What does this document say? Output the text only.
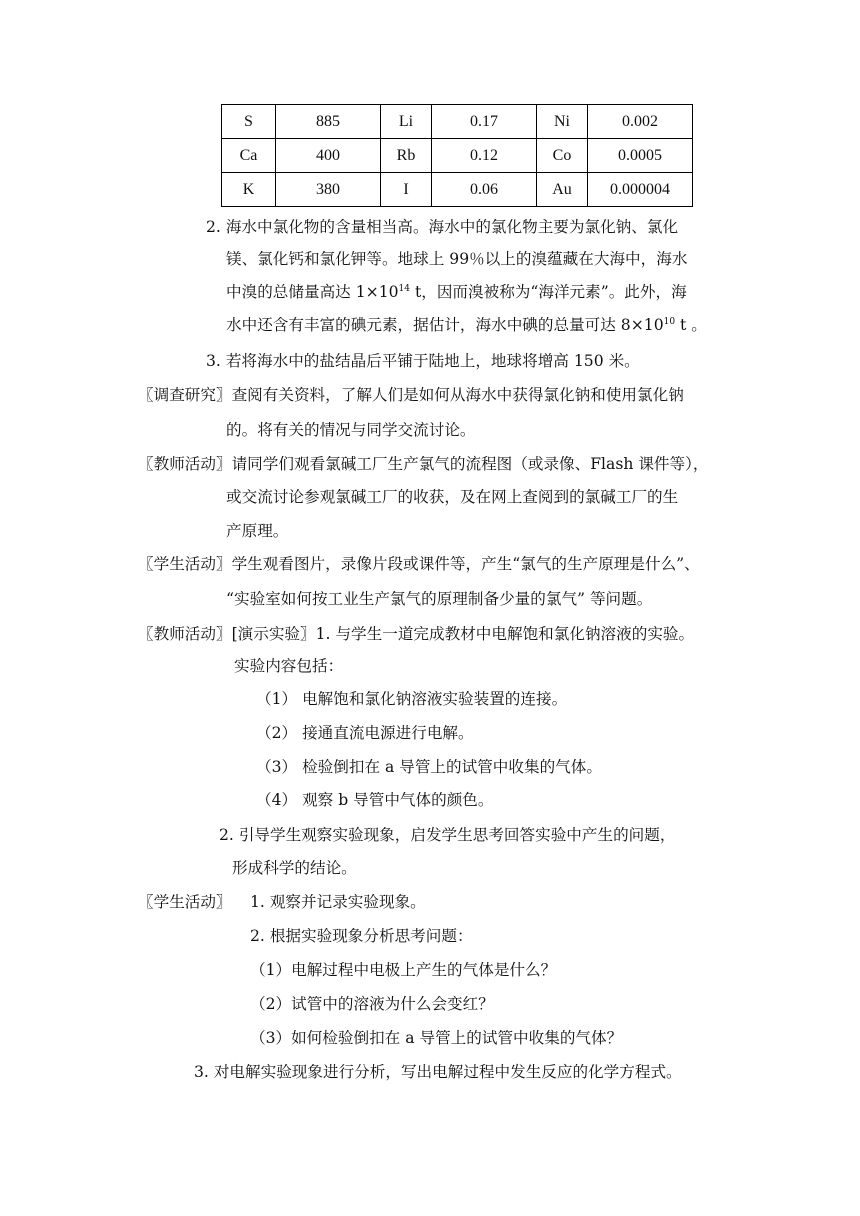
S	885	Li	0.17	Ni	0.002
Ca	400	Rb	0.12	Co	0.0005
K	380	I	0.06	Au	0.000004
2. 海水中氯化物的含量相当高。海水中的氯化物主要为氯化钠、氯化
镁、氯化钙和氯化钾等。地球上 99％以上的溴蕴藏在大海中，海水
中溴的总储量高达 $1\times 10^{14}$ t，因而溴被称为“海洋元素”。此外，海
水中还含有丰富的碘元素，据估计，海水中碘的总量可达 $8\times 10^{10}$ t 。
3. 若将海水中的盐结晶后平铺于陆地上，地球将增高 150 米。
〖调查研究〗查阅有关资料，了解人们是如何从海水中获得氯化钠和使用氯化钠
的。将有关的情况与同学交流讨论。
〖教师活动〗请同学们观看氯碱工厂生产氯气的流程图（或录像、Flash 课件等），
或交流讨论参观氯碱工厂的收获，及在网上查阅到的氯碱工厂的生
产原理。
〖学生活动〗学生观看图片，录像片段或课件等，产生“氯气的生产原理是什么”、
“实验室如何按工业生产氯气的原理制备少量的氯气” 等问题。
〖教师活动〗[演示实验〗1. 与学生一道完成教材中电解饱和氯化钠溶液的实验。
实验内容包括：
（1） 电解饱和氯化钠溶液实验装置的连接。
（2） 接通直流电源进行电解。
（3） 检验倒扣在 a 导管上的试管中收集的气体。
（4） 观察 b 导管中气体的颜色。
2. 引导学生观察实验现象，启发学生思考回答实验中产生的问题，
形成科学的结论。
〖学生活动〗 1. 观察并记录实验现象。
2. 根据实验现象分析思考问题：
（1）电解过程中电极上产生的气体是什么？
（2）试管中的溶液为什么会变红？
（3）如何检验倒扣在 a 导管上的试管中收集的气体？
3. 对电解实验现象进行分析，写出电解过程中发生反应的化学方程式。
